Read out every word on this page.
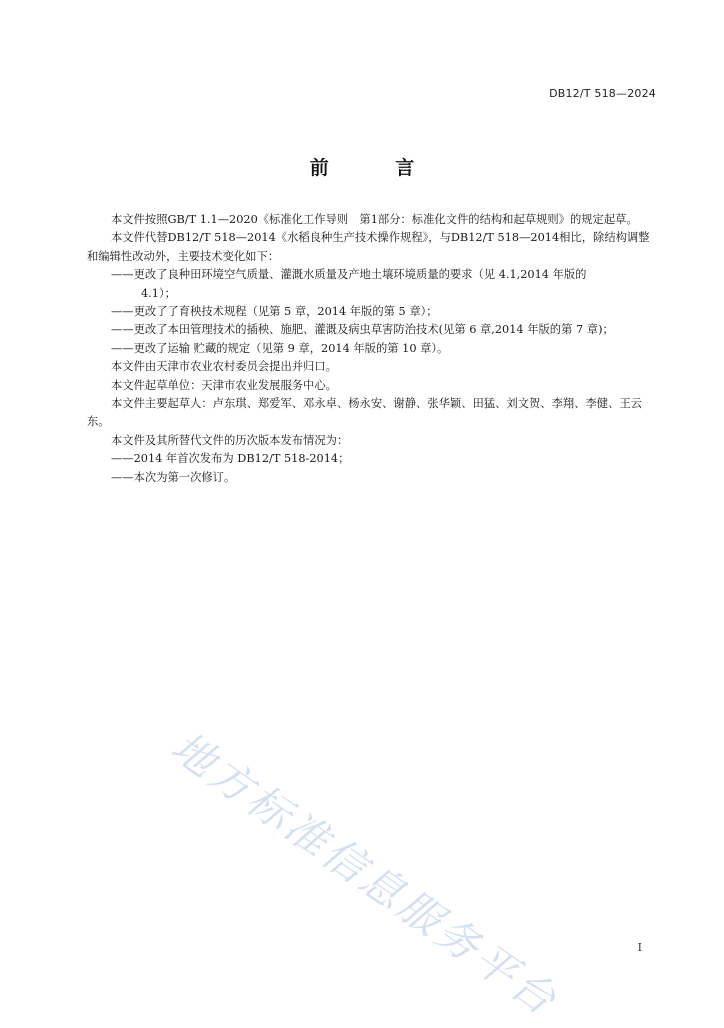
DB12/T 518—2024
前 言

本文件按照GB/T 1.1—2020《标准化工作导则　第1部分：标准化文件的结构和起草规则》的规定起草。

本文件代替DB12/T 518—2014《水稻良种生产技术操作规程》，与DB12/T 518—2014相比，除结构调整和编辑性改动外，主要技术变化如下：

——更改了良种田环境空气质量、灌溉水质量及产地土壤环境质量的要求（见 4.1,2014 年版的

4.1）；

——更改了了育秧技术规程（见第 5 章，2014 年版的第 5 章）；

——更改了本田管理技术的插秧、施肥、灌溉及病虫草害防治技术(见第 6 章,2014 年版的第 7 章)；

——更改了运输 贮藏的规定（见第 9 章，2014 年版的第 10 章）。

本文件由天津市农业农村委员会提出并归口。

本文件起草单位：天津市农业发展服务中心。

本文件主要起草人：卢东琪、郑爱军、邓永卓、杨永安、谢静、张华颖、田猛、刘文贺、李翔、李健、王云东。

本文件及其所替代文件的历次版本发布情况为：

——2014 年首次发布为 DB12/T 518-2014；

——本次为第一次修订。

地方标准信息服务平台	I
